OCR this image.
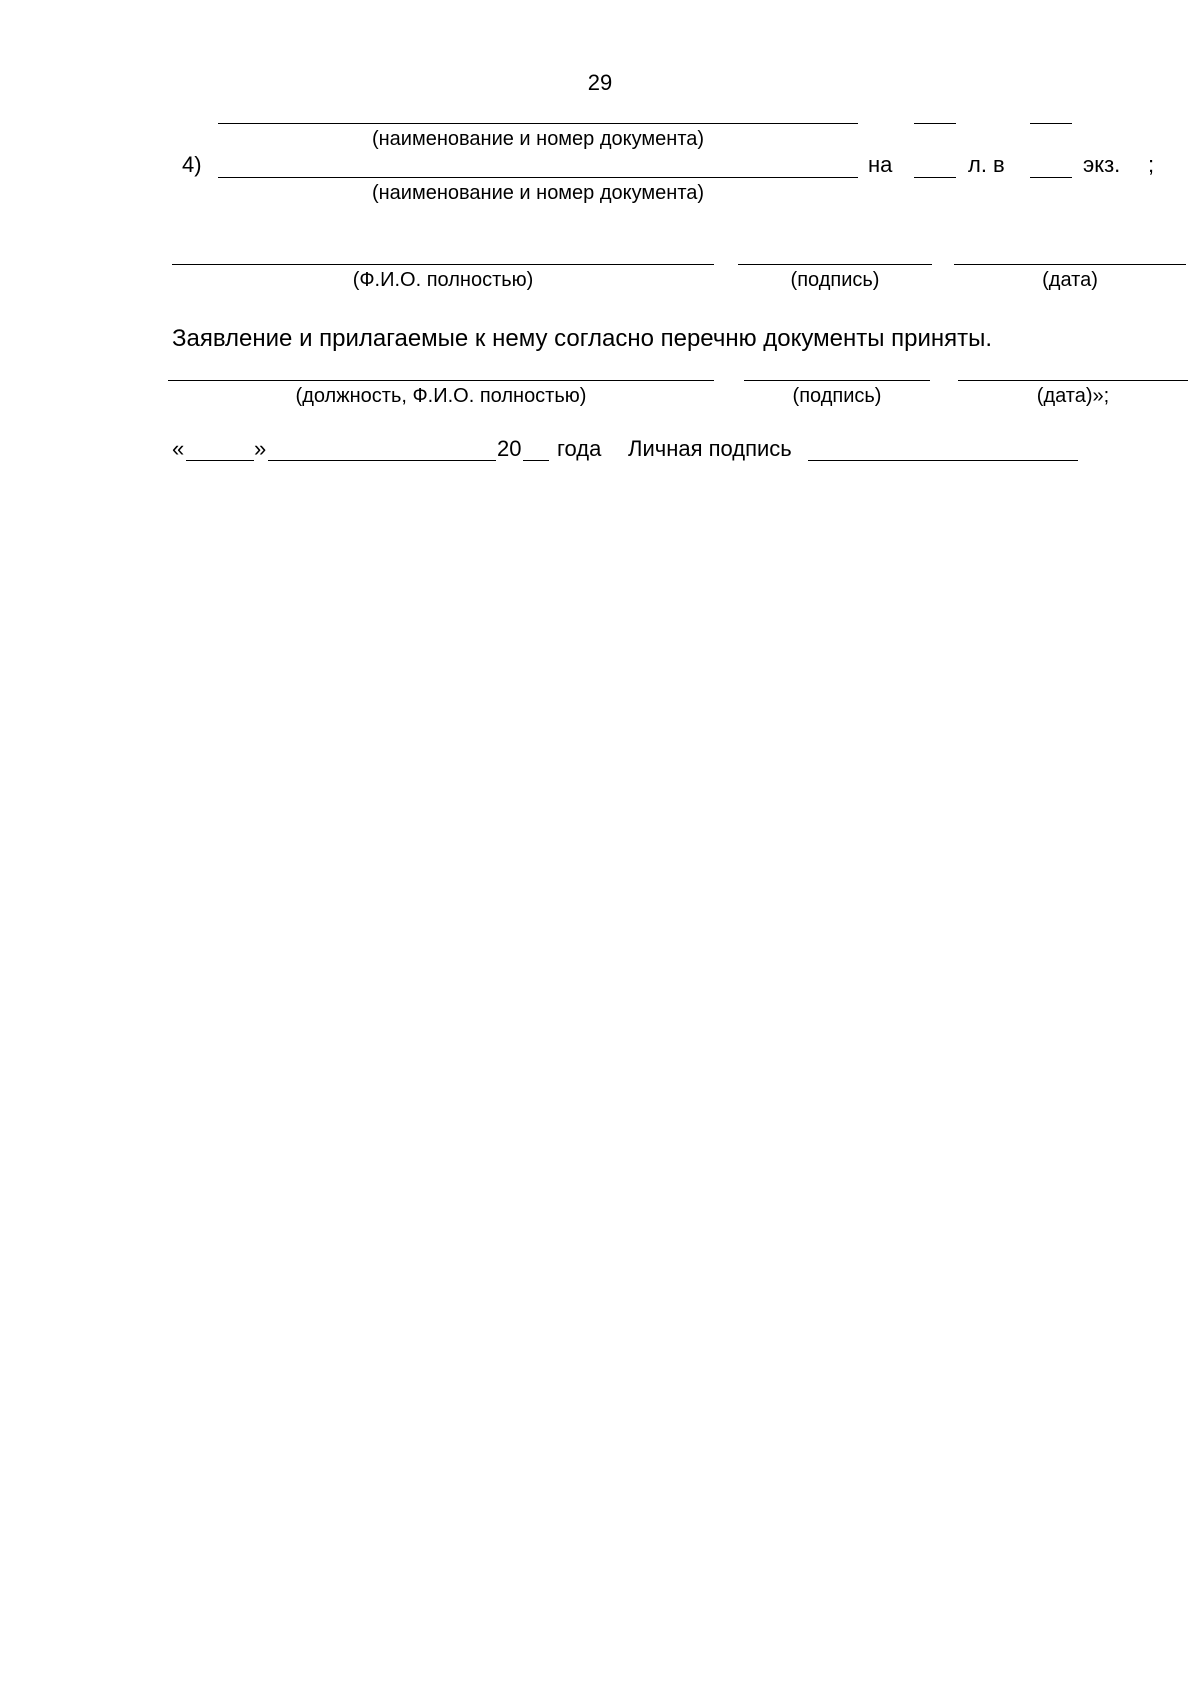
29
(наименование и номер документа)
4)	на	л. в	экз. ;
(наименование и номер документа)
(Ф.И.О. полностью)	(подпись)	(дата)
Заявление и прилагаемые к нему согласно перечню документы приняты.
(должность, Ф.И.О. полностью)	(подпись)	(дата)»;
«	»	20 года Личная подпись
